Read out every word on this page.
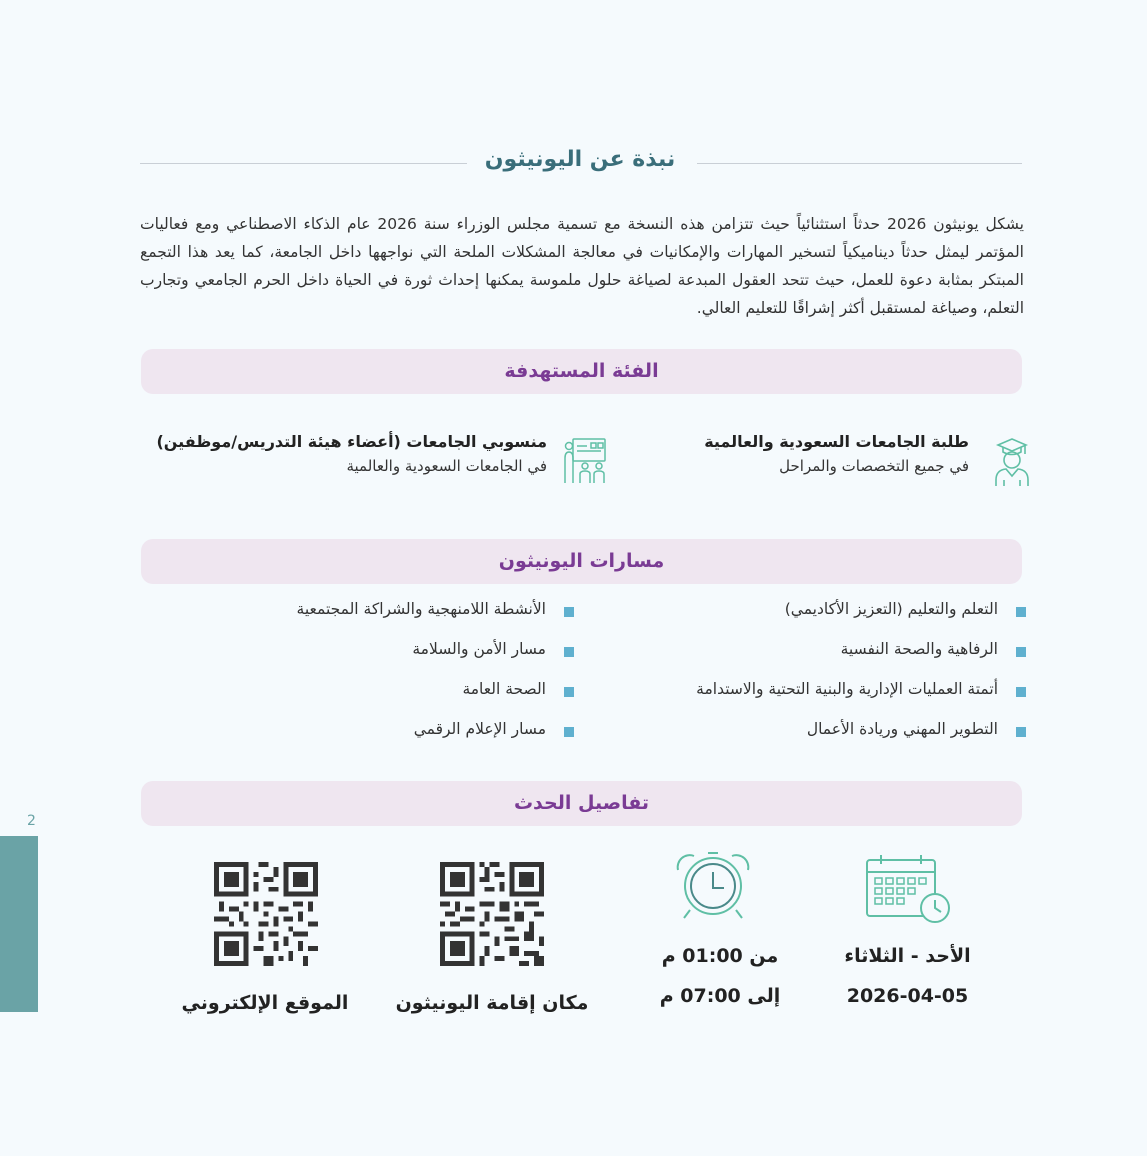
نبذة عن اليونيثون

يشكل يونيثون 2026 حدثاً استثنائياً حيث تتزامن هذه النسخة مع تسمية مجلس الوزراء سنة 2026 عام الذكاء الاصطناعي ومع فعاليات المؤتمر ليمثل حدثاً ديناميكياً لتسخير المهارات والإمكانيات في معالجة المشكلات الملحة التي نواجهها داخل الجامعة، كما يعد هذا التجمع المبتكر بمثابة دعوة للعمل، حيث تتحد العقول المبدعة لصياغة حلول ملموسة يمكنها إحداث ثورة في الحياة داخل الحرم الجامعي وتجارب التعلم، وصياغة لمستقبل أكثر إشراقًا للتعليم العالي.

الفئة المستهدفة
طلبة الجامعات السعودية والعالمية
في جميع التخصصات والمراحل
منسوبي الجامعات (أعضاء هيئة التدريس/موظفين)
في الجامعات السعودية والعالمية
مسارات اليونيثون
التعلم والتعليم (التعزيز الأكاديمي)
الرفاهية والصحة النفسية
أتمتة العمليات الإدارية والبنية التحتية والاستدامة
التطوير المهني وريادة الأعمال
الأنشطة اللامنهجية والشراكة المجتمعية
مسار الأمن والسلامة
الصحة العامة
مسار الإعلام الرقمي
تفاصيل الحدث
الأحد - الثلاثاء
2026-04-05
من 01:00 م
إلى 07:00 م
مكان إقامة اليونيثون
الموقع الإلكتروني
2
